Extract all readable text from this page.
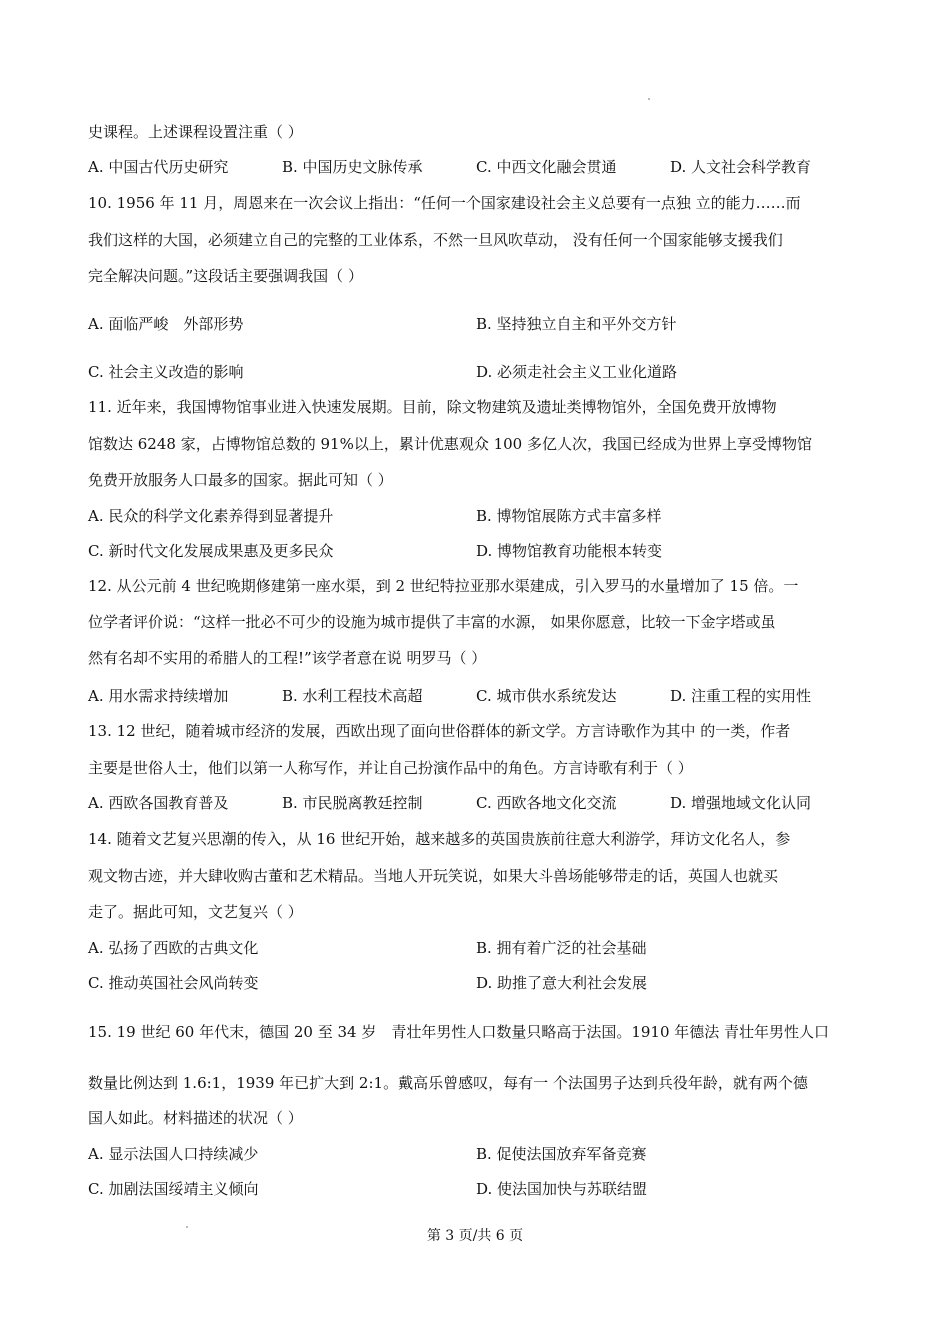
史课程。上述课程设置注重（ ）
A. 中国古代历史研究	B. 中国历史文脉传承	C. 中西文化融会贯通	D. 人文社会科学教育
10. 1956 年 11 月，周恩来在一次会议上指出：“任何一个国家建设社会主义总要有一点独 立的能力……而
我们这样的大国，必须建立自己的完整的工业体系，不然一旦风吹草动， 没有任何一个国家能够支援我们
完全解决问题。”这段话主要强调我国（ ）
A. 面临严峻　外部形势	B. 坚持独立自主和平外交方针
C. 社会主义改造的影响	D. 必须走社会主义工业化道路
11. 近年来，我国博物馆事业进入快速发展期。目前，除文物建筑及遗址类博物馆外，全国免费开放博物
馆数达 6248 家，占博物馆总数的 91%以上，累计优惠观众 100 多亿人次，我国已经成为世界上享受博物馆
免费开放服务人口最多的国家。据此可知（ ）
A. 民众的科学文化素养得到显著提升	B. 博物馆展陈方式丰富多样
C. 新时代文化发展成果惠及更多民众	D. 博物馆教育功能根本转变
12. 从公元前 4 世纪晚期修建第一座水渠，到 2 世纪特拉亚那水渠建成，引入罗马的水量增加了 15 倍。一
位学者评价说：“这样一批必不可少的设施为城市提供了丰富的水源， 如果你愿意，比较一下金字塔或虽
然有名却不实用的希腊人的工程!”该学者意在说 明罗马（ ）
A. 用水需求持续增加	B. 水利工程技术高超	C. 城市供水系统发达	D. 注重工程的实用性
13. 12 世纪，随着城市经济的发展，西欧出现了面向世俗群体的新文学。方言诗歌作为其中 的一类，作者
主要是世俗人士，他们以第一人称写作，并让自己扮演作品中的角色。方言诗歌有利于（ ）
A. 西欧各国教育普及	B. 市民脱离教廷控制	C. 西欧各地文化交流	D. 增强地域文化认同
14. 随着文艺复兴思潮的传入，从 16 世纪开始，越来越多的英国贵族前往意大利游学，拜访文化名人，参
观文物古迹，并大肆收购古董和艺术精品。当地人开玩笑说，如果大斗兽场能够带走的话，英国人也就买
走了。据此可知，文艺复兴（ ）
A. 弘扬了西欧的古典文化	B. 拥有着广泛的社会基础
C. 推动英国社会风尚转变	D. 助推了意大利社会发展
15. 19 世纪 60 年代末，德国 20 至 34 岁　青壮年男性人口数量只略高于法国。1910 年德法 青壮年男性人口
数量比例达到 1.6:1，1939 年已扩大到 2:1。戴高乐曾感叹，每有一 个法国男子达到兵役年龄，就有两个德
国人如此。材料描述的状况（ ）
A. 显示法国人口持续减少	B. 促使法国放弃军备竞赛
C. 加剧法国绥靖主义倾向	D. 使法国加快与苏联结盟
第 3 页/共 6 页
